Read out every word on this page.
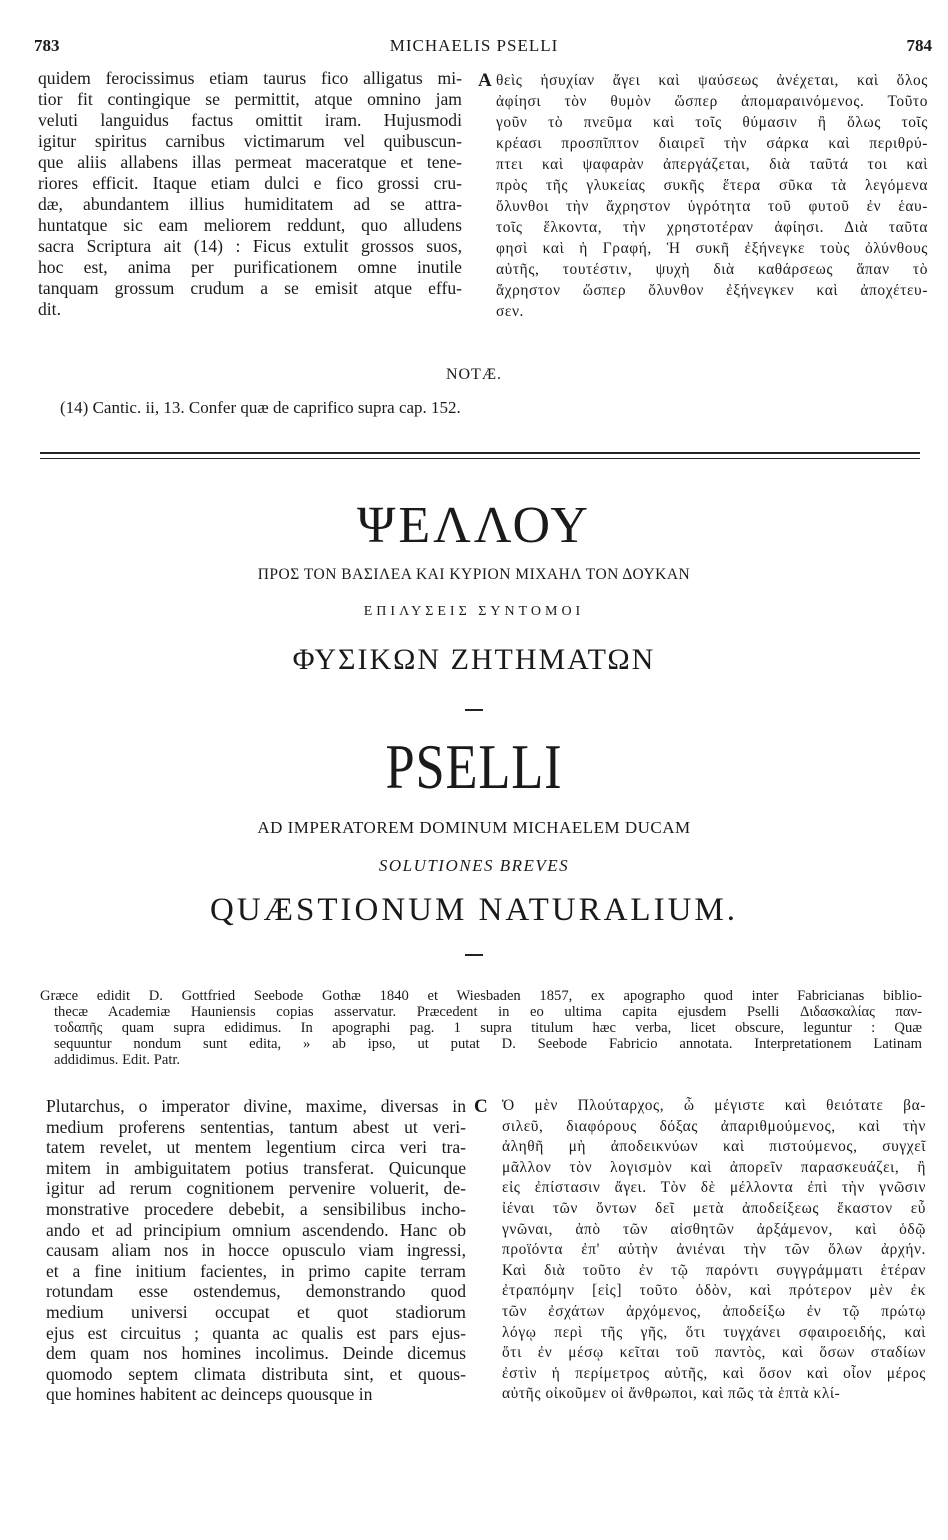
783	MICHAELIS PSELLI	784
quidem ferocissimus etiam taurus fico alligatus mi-
tior fit contingique se permittit, atque omnino jam
veluti languidus factus omittit iram. Hujusmodi
igitur spiritus carnibus victimarum vel quibuscun-
que aliis allabens illas permeat maceratque et tene-
riores efficit. Itaque etiam dulci e fico grossi cru-
dæ, abundantem illius humiditatem ad se attra-
huntatque sic eam meliorem reddunt, quo alludens
sacra Scriptura ait (14) : Ficus extulit grossos suos,
hoc est, anima per purificationem omne inutile
tanquam grossum crudum a se emisit atque effu-
dit.
A θεὶς ἡσυχίαν ἄγει καὶ ψαύσεως ἀνέχεται, καὶ ὅλος
ἀφίησι τὸν θυμὸν ὥσπερ ἀπομαραινόμενος. Τοῦτο
γοῦν τὸ πνεῦμα καὶ τοῖς θύμασιν ἢ ὅλως τοῖς
κρέασι προσπῖπτον διαιρεῖ τὴν σάρκα καὶ περιθρύ-
πτει καὶ ψαφαρὰν ἀπεργάζεται, διὰ ταῦτά τοι καὶ
πρὸς τῆς γλυκείας συκῆς ἕτερα σῦκα τὰ λεγόμενα
ὄλυνθοι τὴν ἄχρηστον ὑγρότητα τοῦ φυτοῦ ἐν ἑαυ-
τοῖς ἕλκοντα, τὴν χρηστοτέραν ἀφίησι. Διὰ ταῦτα
φησὶ καὶ ἡ Γραφή, Ἡ συκῆ ἐξήνεγκε τοὺς ὀλύνθους
αὐτῆς, τουτέστιν, ψυχὴ διὰ καθάρσεως ἅπαν τὸ
ἄχρηστον ὥσπερ ὄλυνθον ἐξήνεγκεν καὶ ἀποχέτευ-
σεν.
NOTÆ.
(14) Cantic. ii, 13. Confer quæ de caprifico supra cap. 152.
ΨΕΛΛΟΥ
ΠΡΟΣ ΤΟΝ ΒΑΣΙΛΕΑ ΚΑΙ ΚΥΡΙΟΝ ΜΙΧΑΗΛ ΤΟΝ ΔΟΥΚΑΝ
ΕΠΙΛΥΣΕΙΣ ΣΥΝΤΟΜΟΙ
ΦΥΣΙΚΩΝ ΖΗΤΗΜΑΤΩΝ
PSELLI
AD IMPERATOREM DOMINUM MICHAELEM DUCAM
SOLUTIONES BREVES
QUÆSTIONUM NATURALIUM.
Græce edidit D. Gottfried Seebode Gothæ 1840 et Wiesbaden 1857, ex apographo quod inter Fabricianas biblio-
thecæ Academiæ Hauniensis copias asservatur. Præcedent in eo ultima capita ejusdem Pselli Διδασκαλίας παν-
τοδαπῆς quam supra edidimus. In apographi pag. 1 supra titulum hæc verba, licet obscure, leguntur : Quæ
sequuntur nondum sunt edita, » ab ipso, ut putat D. Seebode Fabricio annotata. Interpretationem Latinam
addidimus. Edit. Patr.
Plutarchus, o imperator divine, maxime, diversas in
medium proferens sententias, tantum abest ut veri-
tatem revelet, ut mentem legentium circa veri tra-
mitem in ambiguitatem potius transferat. Quicunque
igitur ad rerum cognitionem pervenire voluerit, de-
monstrative procedere debebit, a sensibilibus incho-
ando et ad principium omnium ascendendo. Hanc ob
causam aliam nos in hocce opusculo viam ingressi,
et a fine initium facientes, in primo capite terram
rotundam esse ostendemus, demonstrando quod
medium universi occupat et quot stadiorum
ejus est circuitus ; quanta ac qualis est pars ejus-
dem quam nos homines incolimus. Deinde dicemus
quomodo septem climata distributa sint, et quous-
que homines habitent ac deinceps quousque in
C Ὁ μὲν Πλούταρχος, ὦ μέγιστε καὶ θειότατε βα-
σιλεῦ, διαφόρους δόξας ἀπαριθμούμενος, καὶ τὴν
ἀληθῆ μὴ ἀποδεικνύων καὶ πιστούμενος, συγχεῖ
μᾶλλον τὸν λογισμὸν καὶ ἀπορεῖν παρασκευάζει, ἢ
εἰς ἐπίστασιν ἄγει. Τὸν δὲ μέλλοντα ἐπὶ τὴν γνῶσιν
ἰέναι τῶν ὄντων δεῖ μετὰ ἀποδείξεως ἕκαστον εὖ
γνῶναι, ἀπὸ τῶν αἰσθητῶν ἀρξάμενον, καὶ ὁδῷ
προϊόντα ἐπ' αὐτὴν ἀνιέναι τὴν τῶν ὅλων ἀρχήν.
Καὶ διὰ τοῦτο ἐν τῷ παρόντι συγγράμματι ἑτέραν
ἐτραπόμην [εἰς] τοῦτο ὁδὸν, καὶ πρότερον μὲν ἐκ
τῶν ἐσχάτων ἀρχόμενος, ἀποδείξω ἐν τῷ πρώτῳ
λόγῳ περὶ τῆς γῆς, ὅτι τυγχάνει σφαιροειδής, καὶ
ὅτι ἐν μέσῳ κεῖται τοῦ παντὸς, καὶ ὅσων σταδίων
ἐστὶν ἡ περίμετρος αὐτῆς, καὶ ὅσον καὶ οἷον μέρος
αὐτῆς οἰκοῦμεν οἱ ἄνθρωποι, καὶ πῶς τὰ ἑπτὰ κλί-
